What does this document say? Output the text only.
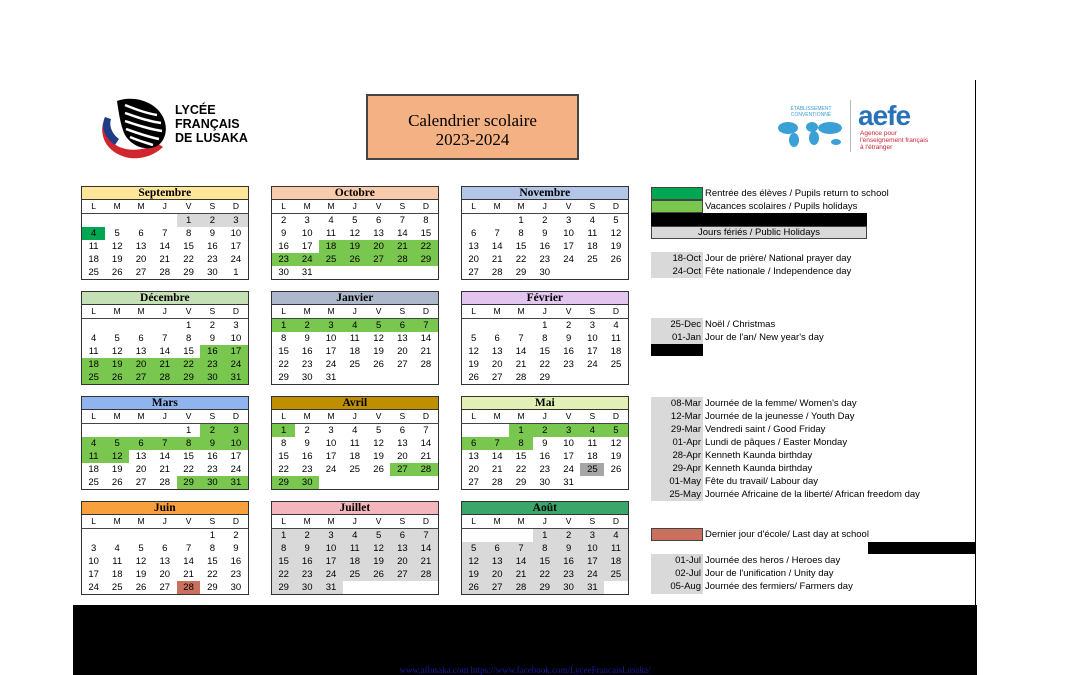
LYCÉE
FRANÇAIS
DE LUSAKA
Calendrier scolaire
2023-2024
ÉTABLISSEMENT CONVENTIONNÉ aefe
Agence pour
l'enseignement français
à l'étranger
Septembre						
L	M	M	J	V	S	D
				1	2	3
4	5	6	7	8	9	10
11	12	13	14	15	16	17
18	19	20	21	22	23	24
25	26	27	28	29	30	1
Octobre						
L	M	M	J	V	S	D
2	3	4	5	6	7	8
9	10	11	12	13	14	15
16	17	18	19	20	21	22
23	24	25	26	27	28	29
30	31					
Novembre						
L	M	M	J	V	S	D
		1	2	3	4	5
6	7	8	9	10	11	12
13	14	15	16	17	18	19
20	21	22	23	24	25	26
27	28	29	30			
Décembre						
L	M	M	J	V	S	D
				1	2	3
4	5	6	7	8	9	10
11	12	13	14	15	16	17
18	19	20	21	22	23	24
25	26	27	28	29	30	31
Janvier						
L	M	M	J	V	S	D
1	2	3	4	5	6	7
8	9	10	11	12	13	14
15	16	17	18	19	20	21
22	23	24	25	26	27	28
29	30	31				
Février						
L	M	M	J	V	S	D
			1	2	3	4
5	6	7	8	9	10	11
12	13	14	15	16	17	18
19	20	21	22	23	24	25
26	27	28	29			
Mars						
L	M	M	J	V	S	D
				1	2	3
4	5	6	7	8	9	10
11	12	13	14	15	16	17
18	19	20	21	22	23	24
25	26	27	28	29	30	31
Avril						
L	M	M	J	V	S	D
1	2	3	4	5	6	7
8	9	10	11	12	13	14
15	16	17	18	19	20	21
22	23	24	25	26	27	28
29	30					
Mai						
L	M	M	J	V	S	D
		1	2	3	4	5
6	7	8	9	10	11	12
13	14	15	16	17	18	19
20	21	22	23	24	25	26
27	28	29	30	31		
Juin						
L	M	M	J	V	S	D
					1	2
3	4	5	6	7	8	9
10	11	12	13	14	15	16
17	18	19	20	21	22	23
24	25	26	27	28	29	30
Juillet						
L	M	M	J	V	S	D
1	2	3	4	5	6	7
8	9	10	11	12	13	14
15	16	17	18	19	20	21
22	23	24	25	26	27	28
29	30	31				
Août						
L	M	M	J	V	S	D
			1	2	3	4
5	6	7	8	9	10	11
12	13	14	15	16	17	18
19	20	21	22	23	24	25
26	27	28	29	30	31	
Rentrée des élèves / Pupils return to school
Vacances scolaires / Pupils holidays
Jours fériés / Public Holidays
Dernier jour d'école/ Last day at school
18-Oct Jour de prière/ National prayer day
24-Oct Fête nationale / Independence day
25-Dec Noël / Christmas
01-Jan Jour de l'an/ New year's day
08-Mar Journée de la femme/ Women's day
12-Mar Journée de la jeunesse / Youth Day
29-Mar Vendredi saint / Good Friday
01-Apr Lundi de pâques / Easter Monday
28-Apr Kenneth Kaunda birthday
29-Apr Kenneth Kaunda birthday
01-May Fête du travail/ Labour day
25-May Journée Africaine de la liberté/ African freedom day
01-Jul Journée des heros / Heroes day
02-Jul Jour de l'unification / Unity day
05-Aug Journée des fermiers/ Farmers day
www.aflusaka.com https://www.facebook.com/LyceeFrancaisLusaka/
